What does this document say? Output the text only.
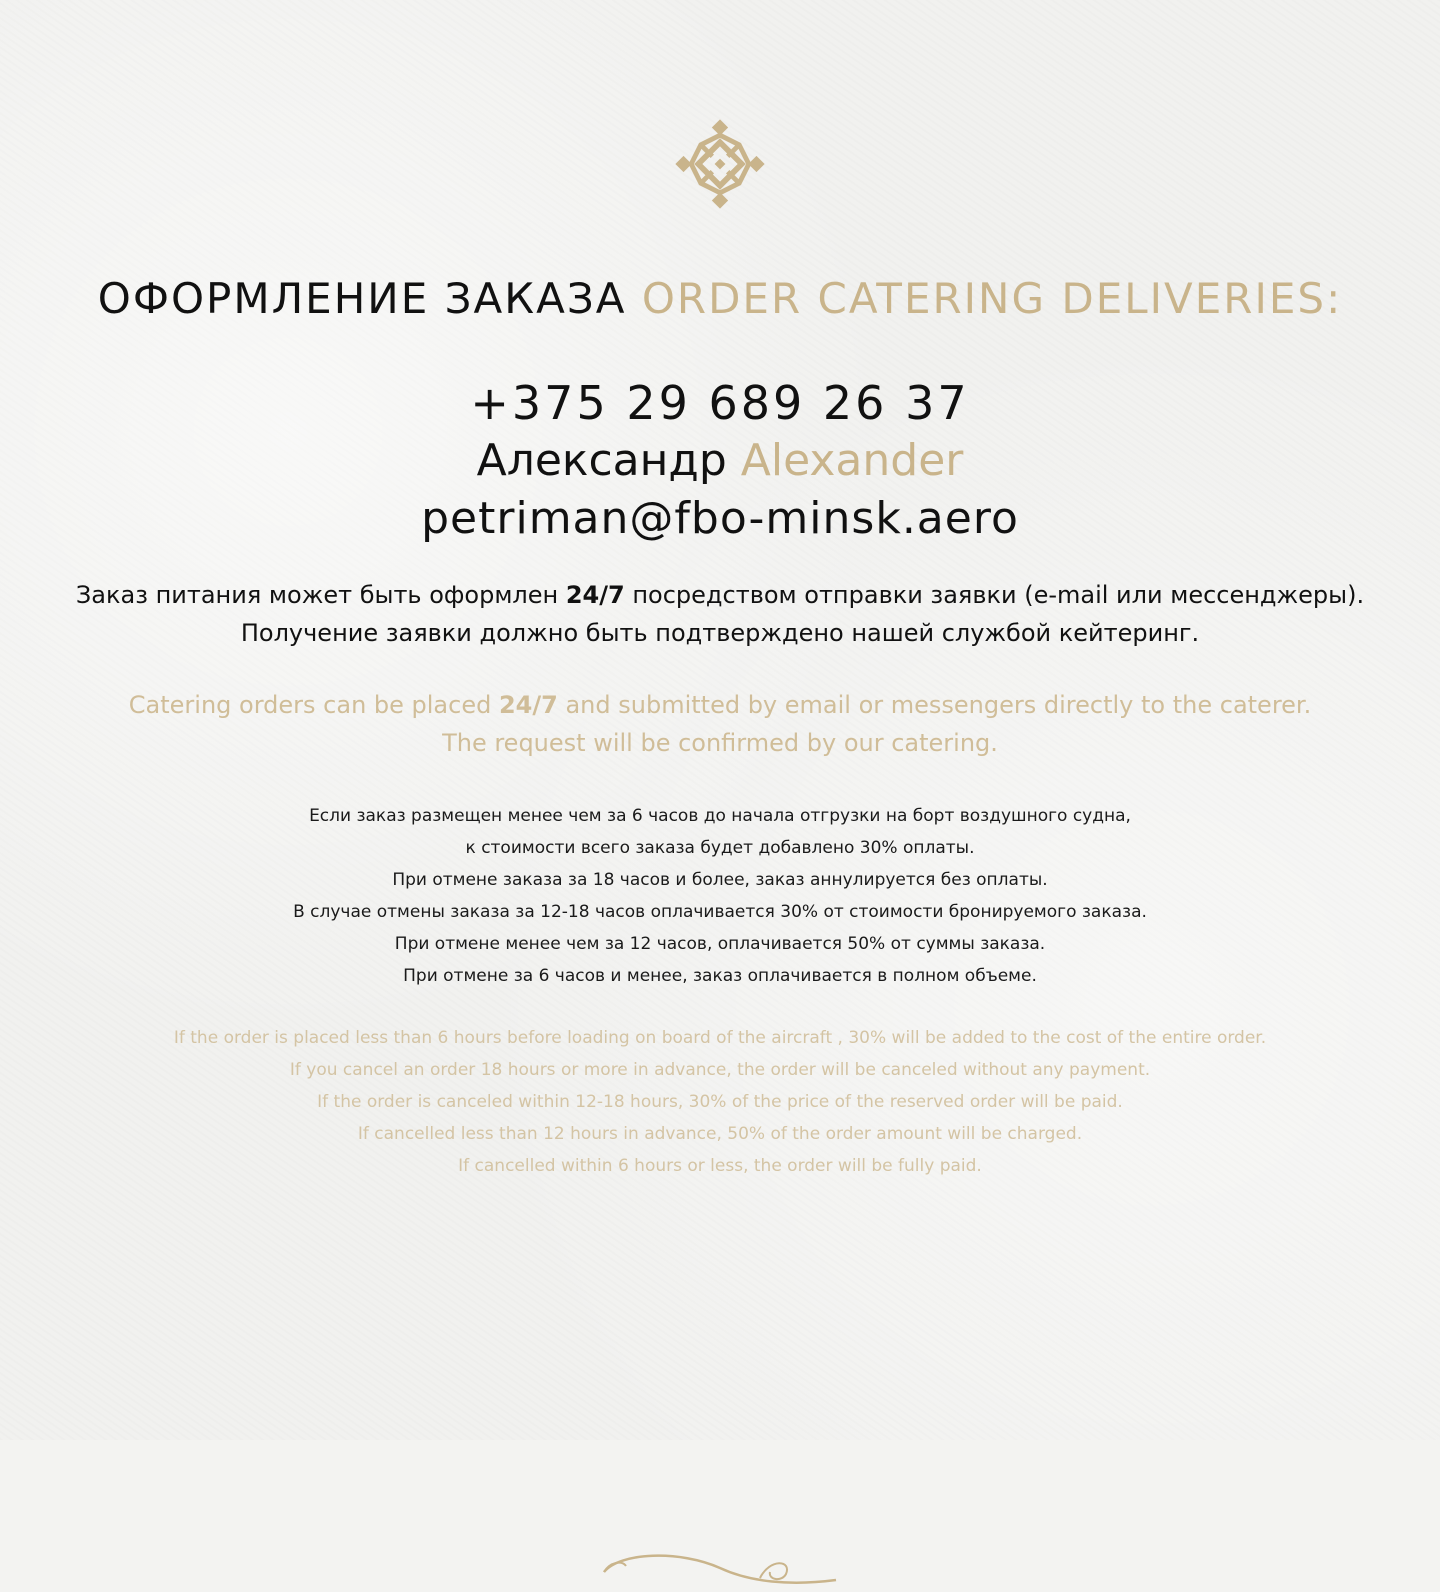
ОФОРМЛЕНИЕ ЗАКАЗА ORDER CATERING DELIVERIES:
+375 29 689 26 37
Александр Alexander
petriman@fbo-minsk.aero
Заказ питания может быть оформлен 24/7 посредством отправки заявки (e-mail или мессенджеры).
Получение заявки должно быть подтверждено нашей службой кейтеринг.
Catering orders can be placed 24/7 and submitted by email or messengers directly to the caterer.
The request will be confirmed by our catering.
Если заказ размещен менее чем за 6 часов до начала отгрузки на борт воздушного судна,
к стоимости всего заказа будет добавлено 30% оплаты.
При отмене заказа за 18 часов и более, заказ аннулируется без оплаты.
В случае отмены заказа за 12-18 часов оплачивается 30% от стоимости бронируемого заказа.
При отмене менее чем за 12 часов, оплачивается 50% от суммы заказа.
При отмене за 6 часов и менее, заказ оплачивается в полном объеме.
If the order is placed less than 6 hours before loading on board of the aircraft , 30% will be added to the cost of the entire order.
If you cancel an order 18 hours or more in advance, the order will be canceled without any payment.
If the order is canceled within 12-18 hours, 30% of the price of the reserved order will be paid.
If cancelled less than 12 hours in advance, 50% of the order amount will be charged.
If cancelled within 6 hours or less, the order will be fully paid.
